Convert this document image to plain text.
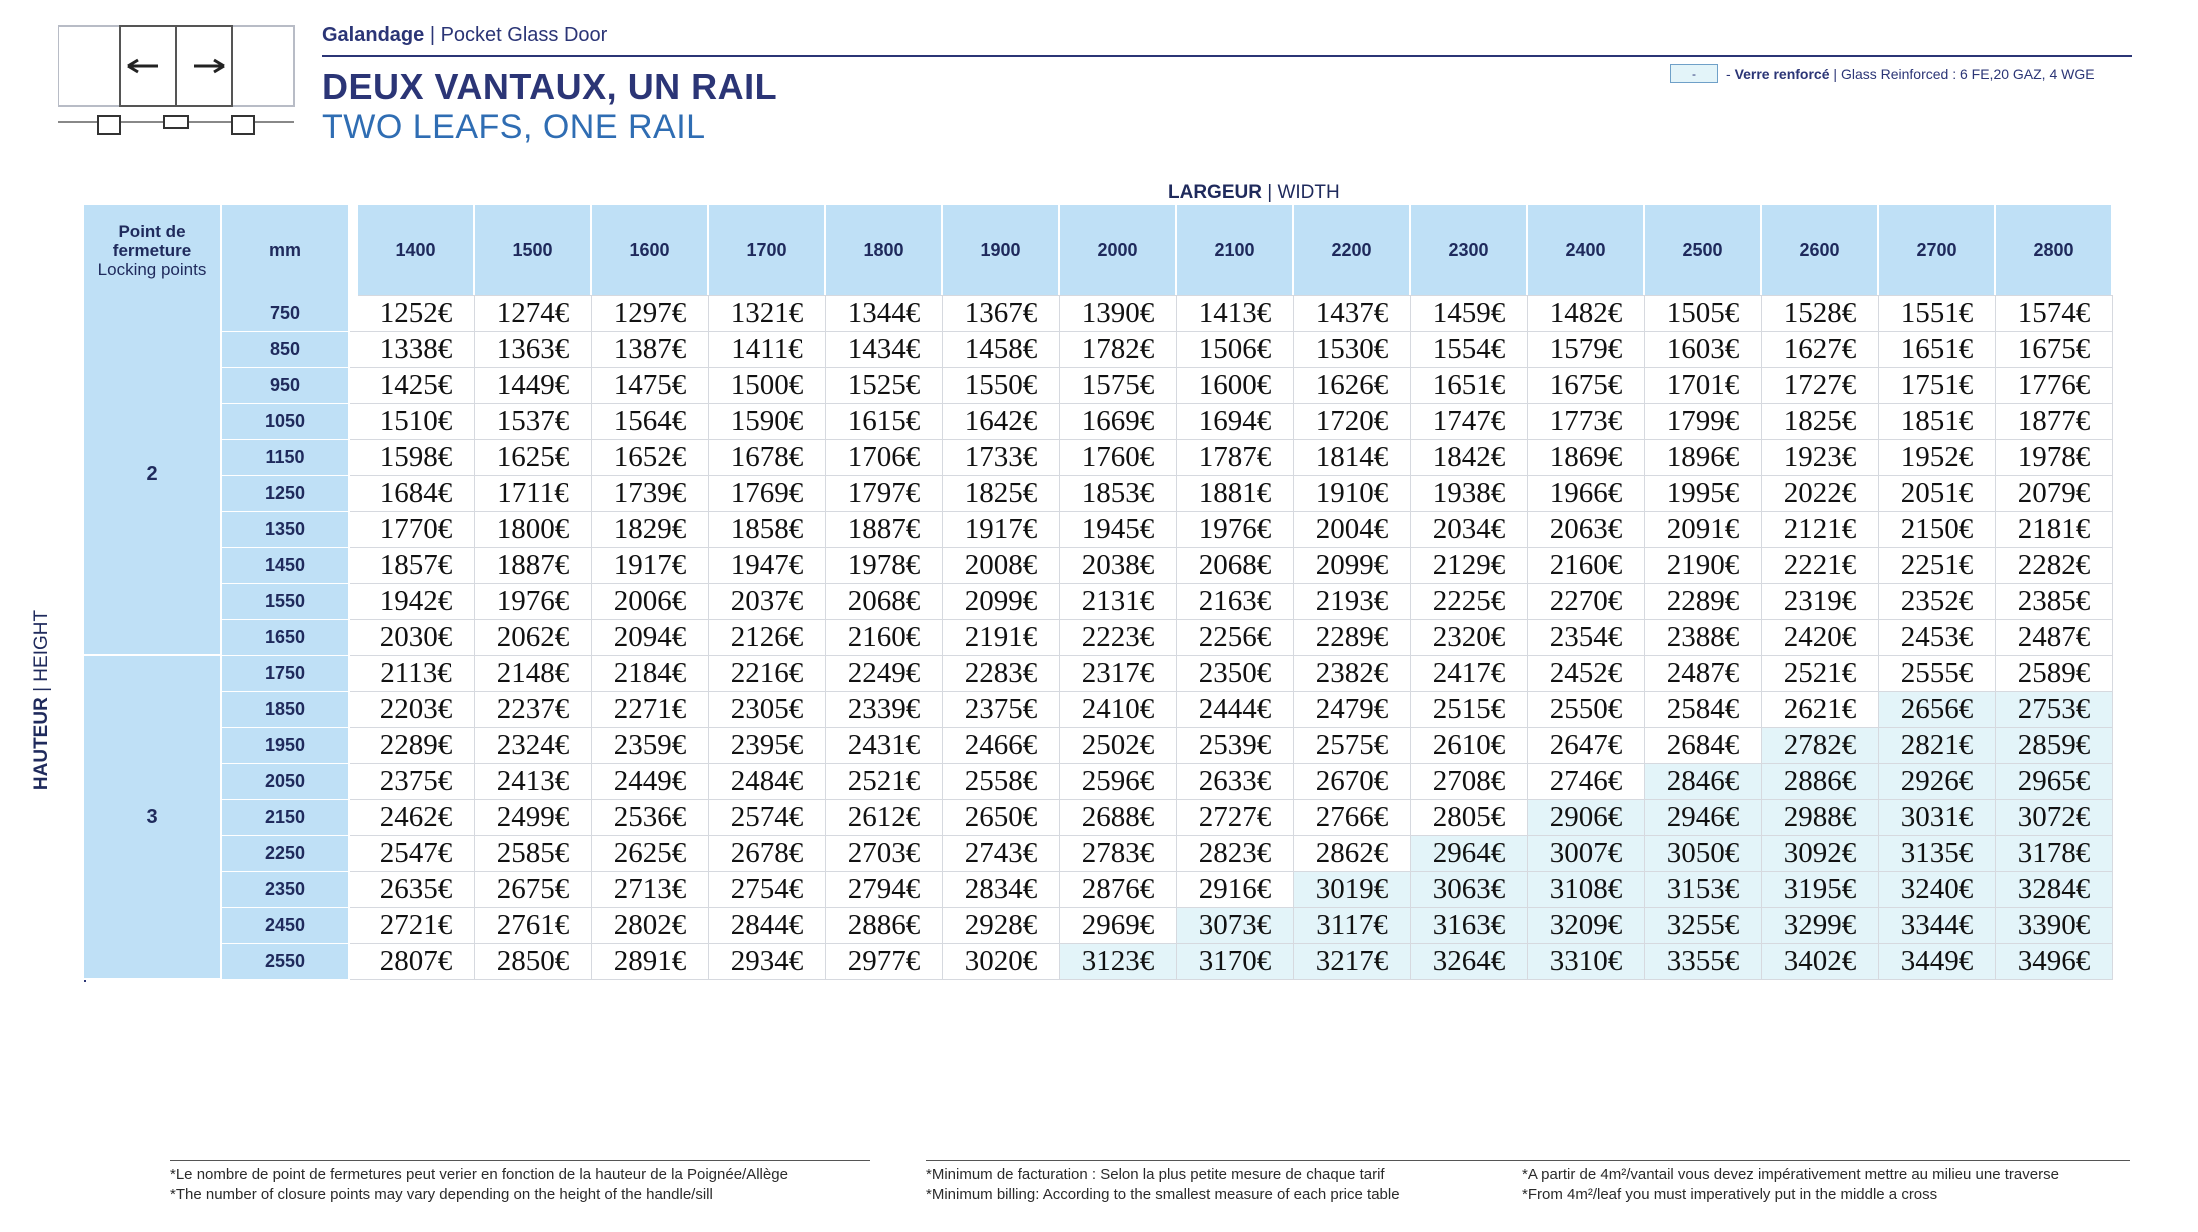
Galandage | Pocket Glass Door
DEUX VANTAUX, UN RAIL
TWO LEAFS, ONE RAIL
-	- Verre renforcé | Glass Reinforced : 6 FE,20 GAZ, 4 WGE
LARGEUR | WIDTH
HAUTEUR | HEIGHT
Point de fermeture
Locking points	mm		1400	1500	1600	1700	1800	1900	2000	2100	2200	2300	2400	2500	2600	2700	2800
2	750		1252€	1274€	1297€	1321€	1344€	1367€	1390€	1413€	1437€	1459€	1482€	1505€	1528€	1551€	1574€
	850		1338€	1363€	1387€	1411€	1434€	1458€	1782€	1506€	1530€	1554€	1579€	1603€	1627€	1651€	1675€
	950		1425€	1449€	1475€	1500€	1525€	1550€	1575€	1600€	1626€	1651€	1675€	1701€	1727€	1751€	1776€
	1050		1510€	1537€	1564€	1590€	1615€	1642€	1669€	1694€	1720€	1747€	1773€	1799€	1825€	1851€	1877€
	1150		1598€	1625€	1652€	1678€	1706€	1733€	1760€	1787€	1814€	1842€	1869€	1896€	1923€	1952€	1978€
	1250		1684€	1711€	1739€	1769€	1797€	1825€	1853€	1881€	1910€	1938€	1966€	1995€	2022€	2051€	2079€
	1350		1770€	1800€	1829€	1858€	1887€	1917€	1945€	1976€	2004€	2034€	2063€	2091€	2121€	2150€	2181€
	1450		1857€	1887€	1917€	1947€	1978€	2008€	2038€	2068€	2099€	2129€	2160€	2190€	2221€	2251€	2282€
	1550		1942€	1976€	2006€	2037€	2068€	2099€	2131€	2163€	2193€	2225€	2270€	2289€	2319€	2352€	2385€
	1650		2030€	2062€	2094€	2126€	2160€	2191€	2223€	2256€	2289€	2320€	2354€	2388€	2420€	2453€	2487€
3	1750		2113€	2148€	2184€	2216€	2249€	2283€	2317€	2350€	2382€	2417€	2452€	2487€	2521€	2555€	2589€
	1850		2203€	2237€	2271€	2305€	2339€	2375€	2410€	2444€	2479€	2515€	2550€	2584€	2621€	2656€	2753€
	1950		2289€	2324€	2359€	2395€	2431€	2466€	2502€	2539€	2575€	2610€	2647€	2684€	2782€	2821€	2859€
	2050		2375€	2413€	2449€	2484€	2521€	2558€	2596€	2633€	2670€	2708€	2746€	2846€	2886€	2926€	2965€
	2150		2462€	2499€	2536€	2574€	2612€	2650€	2688€	2727€	2766€	2805€	2906€	2946€	2988€	3031€	3072€
	2250		2547€	2585€	2625€	2678€	2703€	2743€	2783€	2823€	2862€	2964€	3007€	3050€	3092€	3135€	3178€
	2350		2635€	2675€	2713€	2754€	2794€	2834€	2876€	2916€	3019€	3063€	3108€	3153€	3195€	3240€	3284€
	2450		2721€	2761€	2802€	2844€	2886€	2928€	2969€	3073€	3117€	3163€	3209€	3255€	3299€	3344€	3390€
	2550		2807€	2850€	2891€	2934€	2977€	3020€	3123€	3170€	3217€	3264€	3310€	3355€	3402€	3449€	3496€
*Le nombre de point de fermetures peut verier en fonction de la hauteur de la Poignée/Allège
*The number of closure points may vary depending on the height of the handle/sill
*Minimum de facturation : Selon la plus petite mesure de chaque tarif
*Minimum billing: According to the smallest measure of each price table
*A partir de 4m²/vantail vous devez impérativement mettre au milieu une traverse
*From 4m²/leaf you must imperatively put in the middle a cross
